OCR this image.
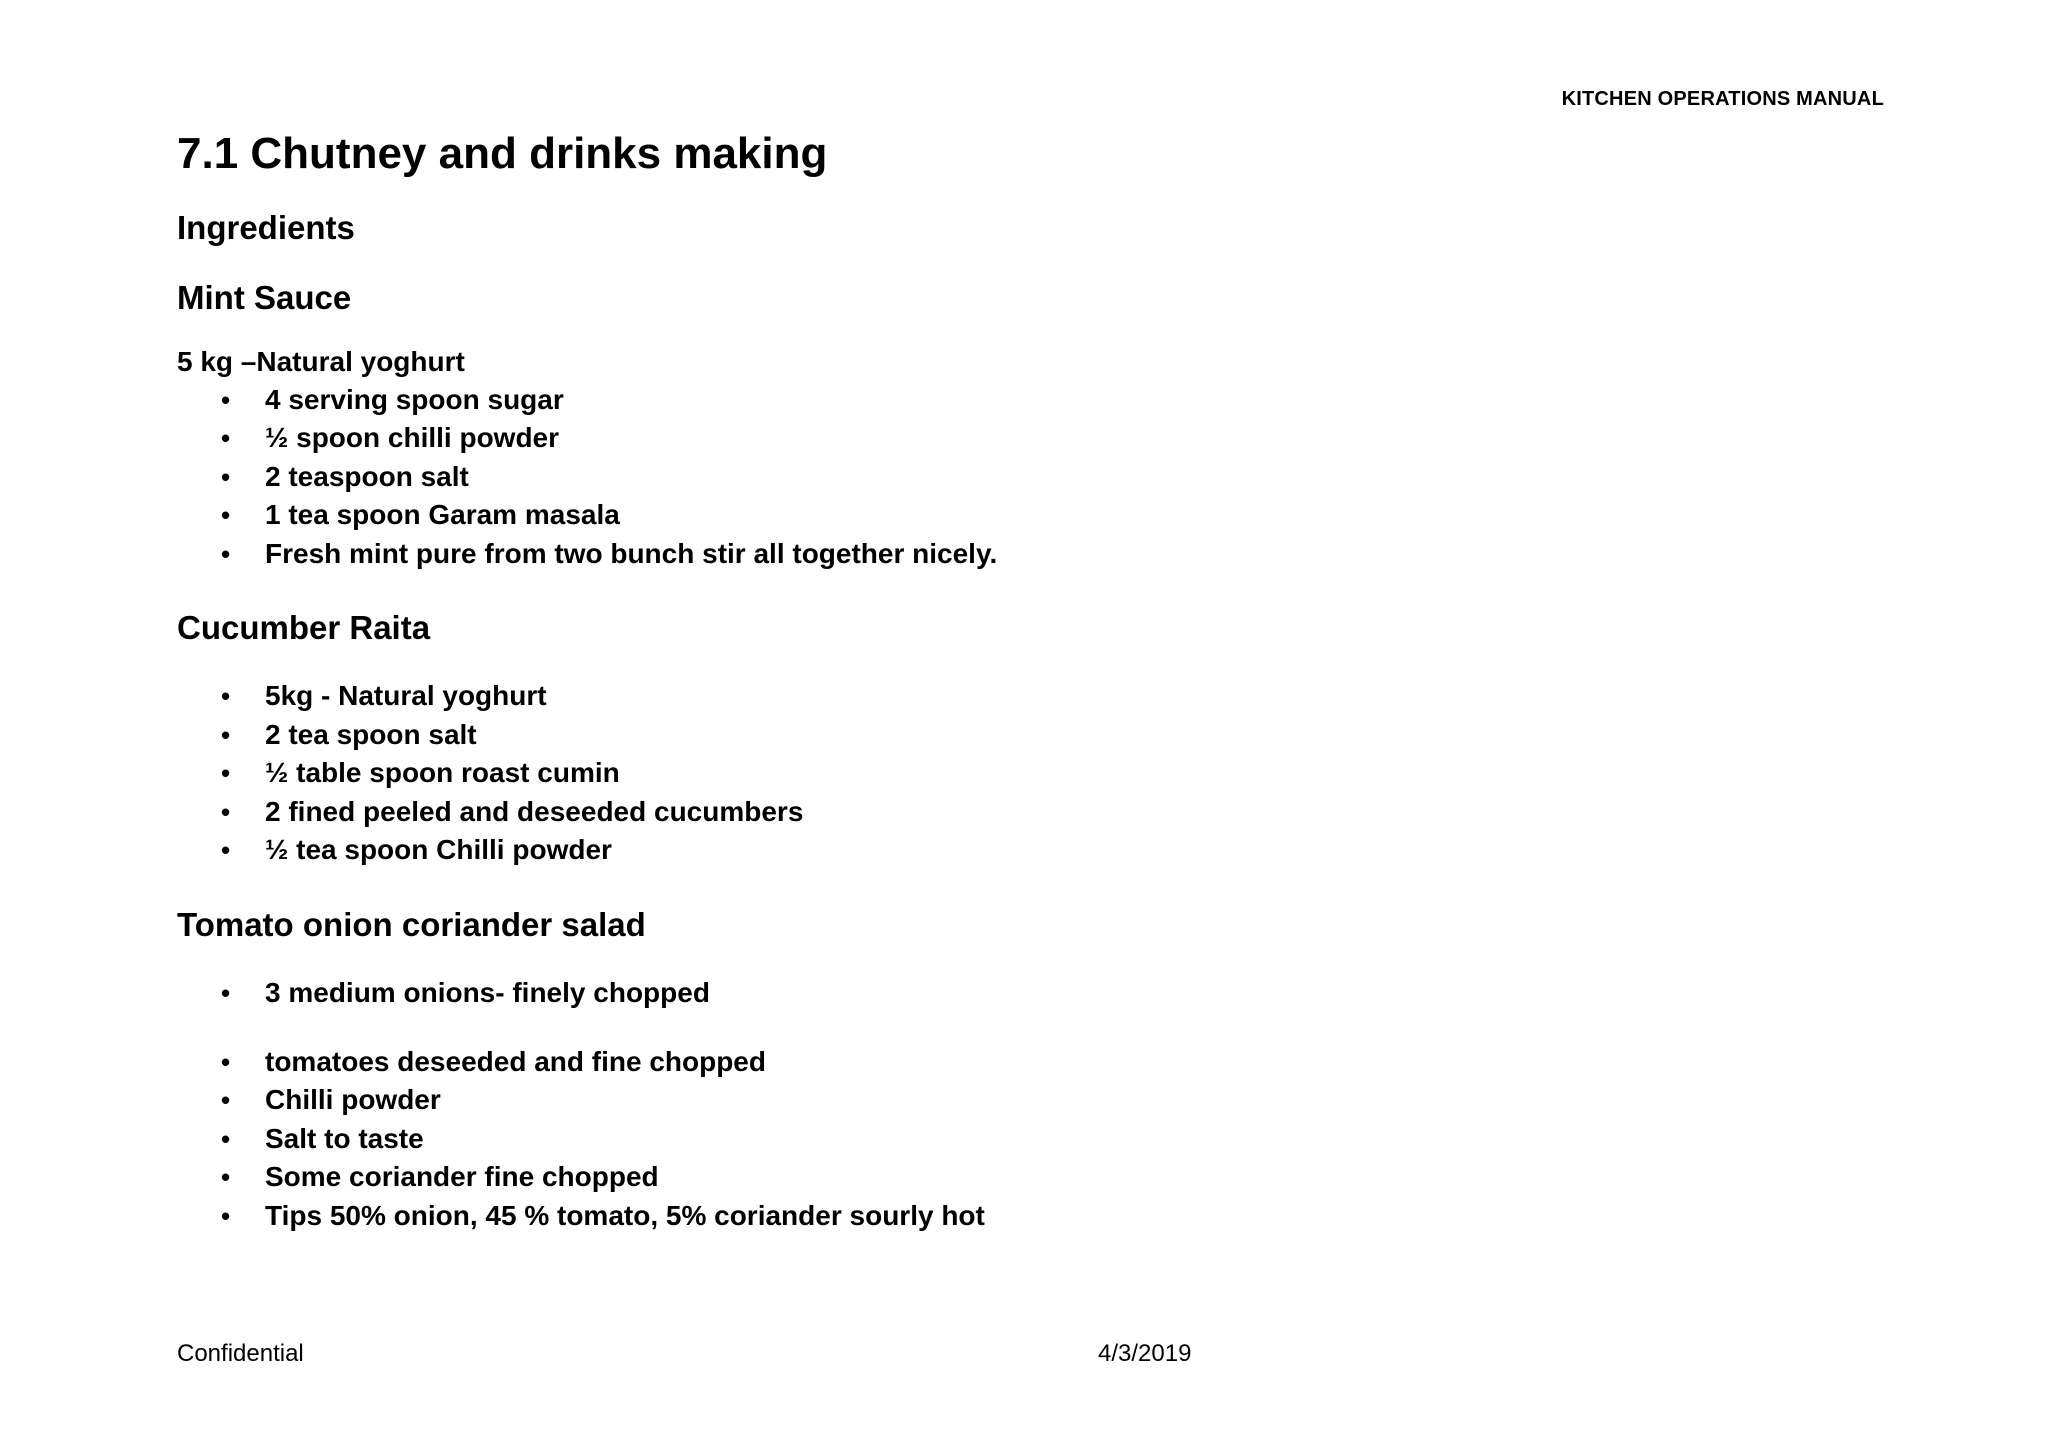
KITCHEN OPERATIONS MANUAL
7.1 Chutney and drinks making
Ingredients
Mint Sauce

5 kg –Natural yoghurt

• 4 serving spoon sugar
• ½ spoon chilli powder
• 2 teaspoon salt
• 1 tea spoon Garam masala
• Fresh mint pure from two bunch stir all together nicely.
Cucumber Raita
• 5kg - Natural yoghurt
• 2 tea spoon salt
• ½ table spoon roast cumin
• 2 fined peeled and deseeded cucumbers
• ½ tea spoon Chilli powder
Tomato onion coriander salad
• 3 medium onions- finely chopped
• tomatoes deseeded and fine chopped
• Chilli powder
• Salt to taste
• Some coriander fine chopped
• Tips 50% onion, 45 % tomato, 5% coriander sourly hot
Confidential	4/3/2019
